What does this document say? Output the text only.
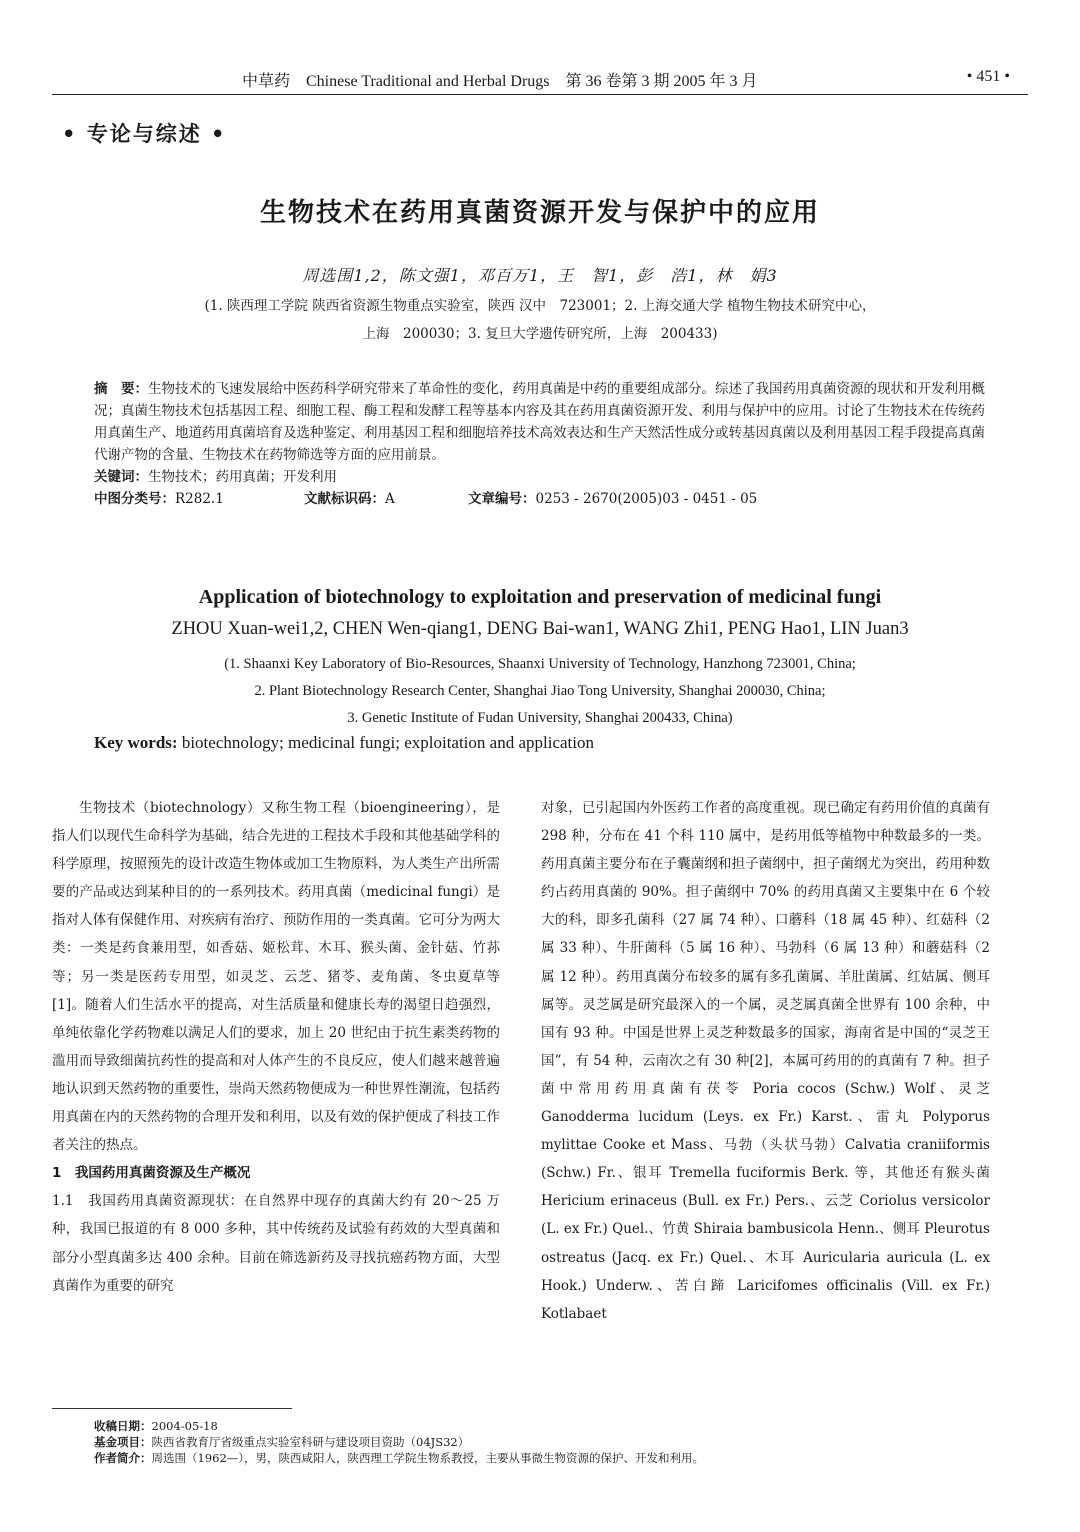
中草药　Chinese Traditional and Herbal Drugs　第 36 卷第 3 期 2005 年 3 月	• 451 •
• 专论与综述 •
生物技术在药用真菌资源开发与保护中的应用
周选围1,2，陈文强1，邓百万1，王　智1，彭　浩1，林　娟3
(1. 陕西理工学院 陕西省资源生物重点实验室，陕西 汉中　723001；2. 上海交通大学 植物生物技术研究中心，
上海　200030；3. 复旦大学遗传研究所，上海　200433)

摘　要：生物技术的飞速发展给中医药科学研究带来了革命性的变化，药用真菌是中药的重要组成部分。综述了我国药用真菌资源的现状和开发利用概况；真菌生物技术包括基因工程、细胞工程、酶工程和发酵工程等基本内容及其在药用真菌资源开发、利用与保护中的应用。讨论了生物技术在传统药用真菌生产、地道药用真菌培育及选种鉴定、利用基因工程和细胞培养技术高效表达和生产天然活性成分或转基因真菌以及利用基因工程手段提高真菌代谢产物的含量、生物技术在药物筛选等方面的应用前景。

关键词：生物技术；药用真菌；开发利用

中图分类号：R282.1	文献标识码：A	文章编号：0253 - 2670(2005)03 - 0451 - 05
Application of biotechnology to exploitation and preservation of medicinal fungi
ZHOU Xuan-wei1,2, CHEN Wen-qiang1, DENG Bai-wan1, WANG Zhi1, PENG Hao1, LIN Juan3
(1. Shaanxi Key Laboratory of Bio-Resources, Shaanxi University of Technology, Hanzhong 723001, China;
2. Plant Biotechnology Research Center, Shanghai Jiao Tong University, Shanghai 200030, China;
3. Genetic Institute of Fudan University, Shanghai 200433, China)
Key words: biotechnology; medicinal fungi; exploitation and application

生物技术（biotechnology）又称生物工程（bioengineering），是指人们以现代生命科学为基础，结合先进的工程技术手段和其他基础学科的科学原理，按照预先的设计改造生物体或加工生物原料，为人类生产出所需要的产品或达到某种目的的一系列技术。药用真菌（medicinal fungi）是指对人体有保健作用、对疾病有治疗、预防作用的一类真菌。它可分为两大类：一类是药食兼用型，如香菇、姬松茸、木耳、猴头菌、金针菇、竹荪等；另一类是医药专用型，如灵芝、云芝、猪苓、麦角菌、冬虫夏草等[1]。随着人们生活水平的提高，对生活质量和健康长寿的渴望日趋强烈，单纯依靠化学药物难以满足人们的要求，加上 20 世纪由于抗生素类药物的滥用而导致细菌抗药性的提高和对人体产生的不良反应，使人们越来越普遍地认识到天然药物的重要性，崇尚天然药物便成为一种世界性潮流，包括药用真菌在内的天然药物的合理开发和利用，以及有效的保护便成了科技工作者关注的热点。

1　我国药用真菌资源及生产概况

1.1　我国药用真菌资源现状：在自然界中现存的真菌大约有 20～25 万种，我国已报道的有 8 000 多种，其中传统药及试验有药效的大型真菌和部分小型真菌多达 400 余种。目前在筛选新药及寻找抗癌药物方面，大型真菌作为重要的研究

对象，已引起国内外医药工作者的高度重视。现已确定有药用价值的真菌有 298 种，分布在 41 个科 110 属中，是药用低等植物中种数最多的一类。药用真菌主要分布在子囊菌纲和担子菌纲中，担子菌纲尤为突出，药用种数约占药用真菌的 90%。担子菌纲中 70% 的药用真菌又主要集中在 6 个较大的科，即多孔菌科（27 属 74 种）、口蘑科（18 属 45 种）、红菇科（2 属 33 种）、牛肝菌科（5 属 16 种）、马勃科（6 属 13 种）和蘑菇科（2 属 12 种）。药用真菌分布较多的属有多孔菌属、羊肚菌属、红姑属、侧耳属等。灵芝属是研究最深入的一个属，灵芝属真菌全世界有 100 余种，中国有 93 种。中国是世界上灵芝种数最多的国家，海南省是中国的“灵芝王国”，有 54 种，云南次之有 30 种[2]，本属可药用的的真菌有 7 种。担子菌中常用药用真菌有茯苓 Poria cocos (Schw.) Wolf、灵芝 Ganodderma lucidum (Leys. ex Fr.) Karst.、雷丸 Polyporus mylittae Cooke et Mass、马勃（头状马勃）Calvatia craniiformis (Schw.) Fr.、银耳 Tremella fuciformis Berk. 等，其他还有猴头菌 Hericium erinaceus (Bull. ex Fr.) Pers.、云芝 Coriolus versicolor (L. ex Fr.) Quel.、竹黄 Shiraia bambusicola Henn.、侧耳 Pleurotus ostreatus (Jacq. ex Fr.) Quel.、木耳 Auricularia auricula (L. ex Hook.) Underw.、苦白蹄 Laricifomes officinalis (Vill. ex Fr.) Kotlabaet

收稿日期：2004-05-18
基金项目：陕西省教育厅省级重点实验室科研与建设项目资助（04JS32）
作者简介：周选围（1962—），男，陕西咸阳人，陕西理工学院生物系教授，主要从事微生物资源的保护、开发和利用。
